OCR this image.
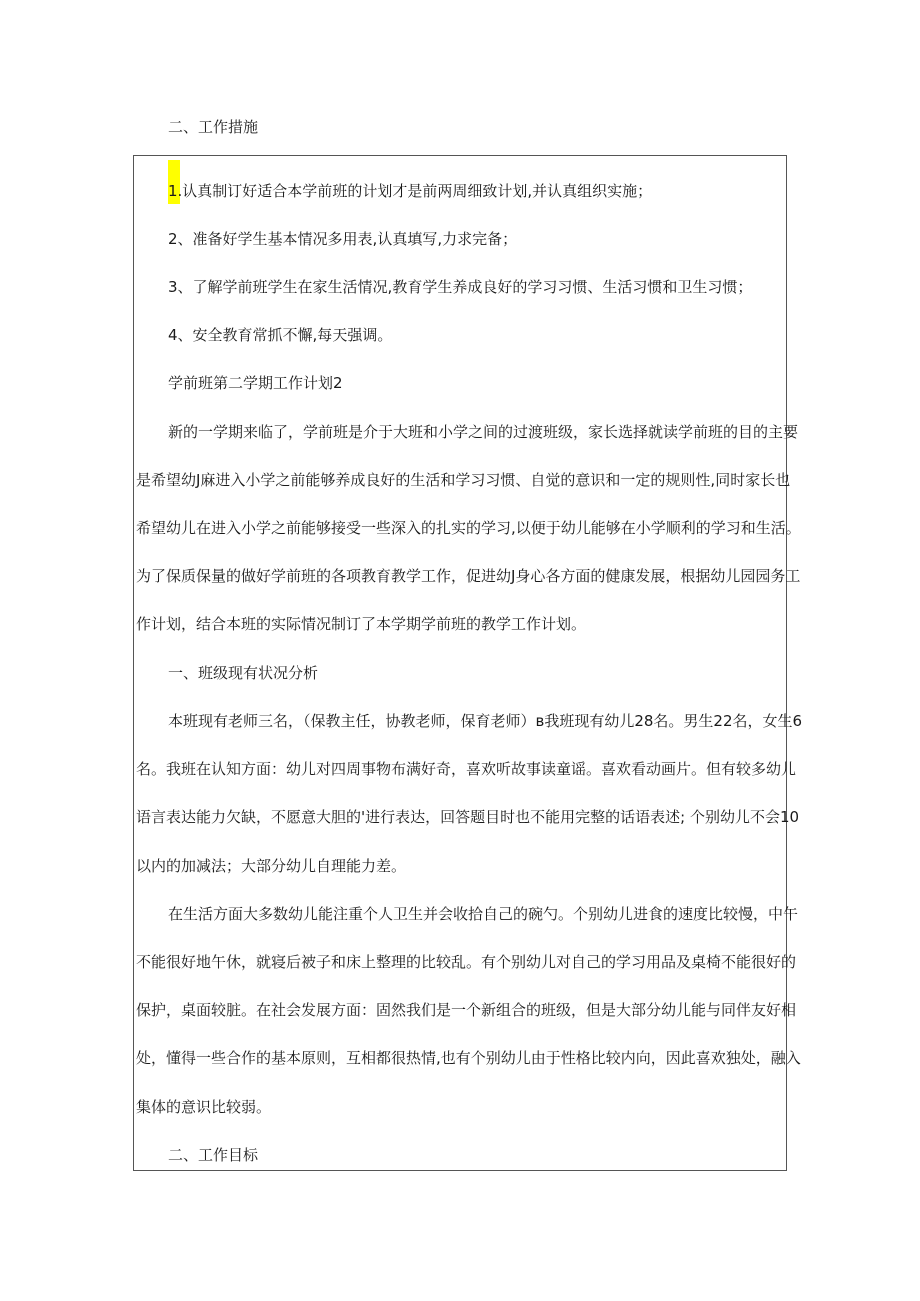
二、工作措施
1.认真制订好适合本学前班的计划才是前两周细致计划,并认真组织实施；
2、准备好学生基本情况多用表,认真填写,力求完备；
3、了解学前班学生在家生活情况,教育学生养成良好的学习习惯、生活习惯和卫生习惯；
4、安全教育常抓不懈,每天强调。
学前班第二学期工作计划2
新的一学期来临了，学前班是介于大班和小学之间的过渡班级，家长选择就读学前班的目的主要
是希望幼J麻进入小学之前能够养成良好的生活和学习习惯、自觉的意识和一定的规则性,同时家长也
希望幼儿在进入小学之前能够接受一些深入的扎实的学习,以便于幼儿能够在小学顺利的学习和生活。
为了保质保量的做好学前班的各项教育教学工作，促进幼J身心各方面的健康发展，根据幼儿园园务工
作计划，结合本班的实际情况制订了本学期学前班的教学工作计划。
一、班级现有状况分析
本班现有老师三名，（保教主任，协教老师，保育老师）в我班现有幼儿28名。男生22名，女生6
名。我班在认知方面：幼儿对四周事物布满好奇，喜欢听故事读童谣。喜欢看动画片。但有较多幼儿
语言表达能力欠缺，不愿意大胆的'进行表达，回答题目时也不能用完整的话语表述; 个别幼儿不会10
以内的加减法；大部分幼儿自理能力差。
在生活方面大多数幼儿能注重个人卫生并会收拾自己的碗勺。个别幼儿进食的速度比较慢，中午
不能很好地午休，就寝后被子和床上整理的比较乱。有个别幼儿对自己的学习用品及桌椅不能很好的
保护，桌面较脏。在社会发展方面：固然我们是一个新组合的班级，但是大部分幼儿能与同伴友好相
处，懂得一些合作的基本原则，互相都很热情,也有个别幼儿由于性格比较内向，因此喜欢独处，融入
集体的意识比较弱。
二、工作目标
